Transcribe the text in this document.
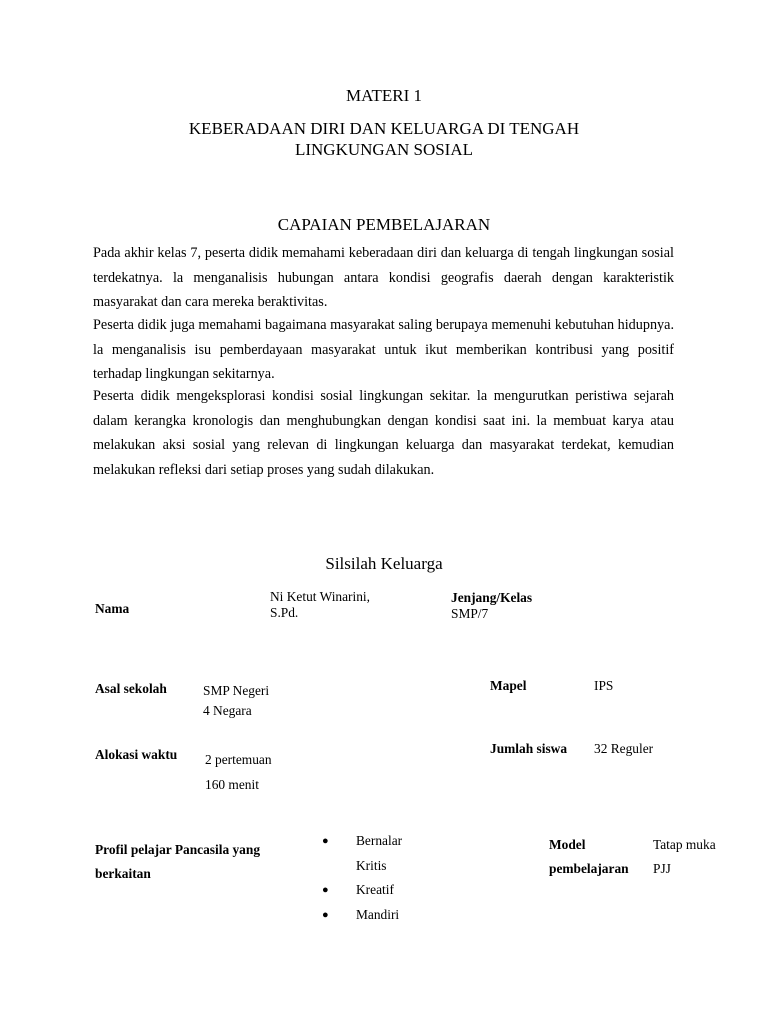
MATERI 1
KEBERADAAN DIRI DAN KELUARGA DI TENGAH
LINGKUNGAN SOSIAL
CAPAIAN PEMBELAJARAN
Pada akhir kelas 7, peserta didik memahami keberadaan diri dan keluarga di tengah lingkungan sosial terdekatnya. la menganalisis hubungan antara kondisi geografis daerah dengan karakteristik masyarakat dan cara mereka beraktivitas.
Peserta didik juga memahami bagaimana masyarakat saling berupaya memenuhi kebutuhan hidupnya. la menganalisis isu pemberdayaan masyarakat untuk ikut memberikan kontribusi yang positif terhadap lingkungan sekitarnya.
Peserta didik mengeksplorasi kondisi sosial lingkungan sekitar. la mengurutkan peristiwa sejarah dalam kerangka kronologis dan menghubungkan dengan kondisi saat ini. la membuat karya atau melakukan aksi sosial yang relevan di lingkungan keluarga dan masyarakat terdekat, kemudian melakukan refleksi dari setiap proses yang sudah dilakukan.
Silsilah Keluarga
Nama
Ni Ketut Winarini,
S.Pd.
Jenjang/Kelas
SMP/7
Asal sekolah	SMP Negeri
4 Negara
Mapel	IPS
Alokasi waktu 2 pertemuan
160 menit
Jumlah siswa 32 Reguler
Profil pelajar Pancasila yang
berkaitan
● Bernalar Kritis
● Kreatif
● Mandiri
Model
pembelajaran
Tatap muka
PJJ
